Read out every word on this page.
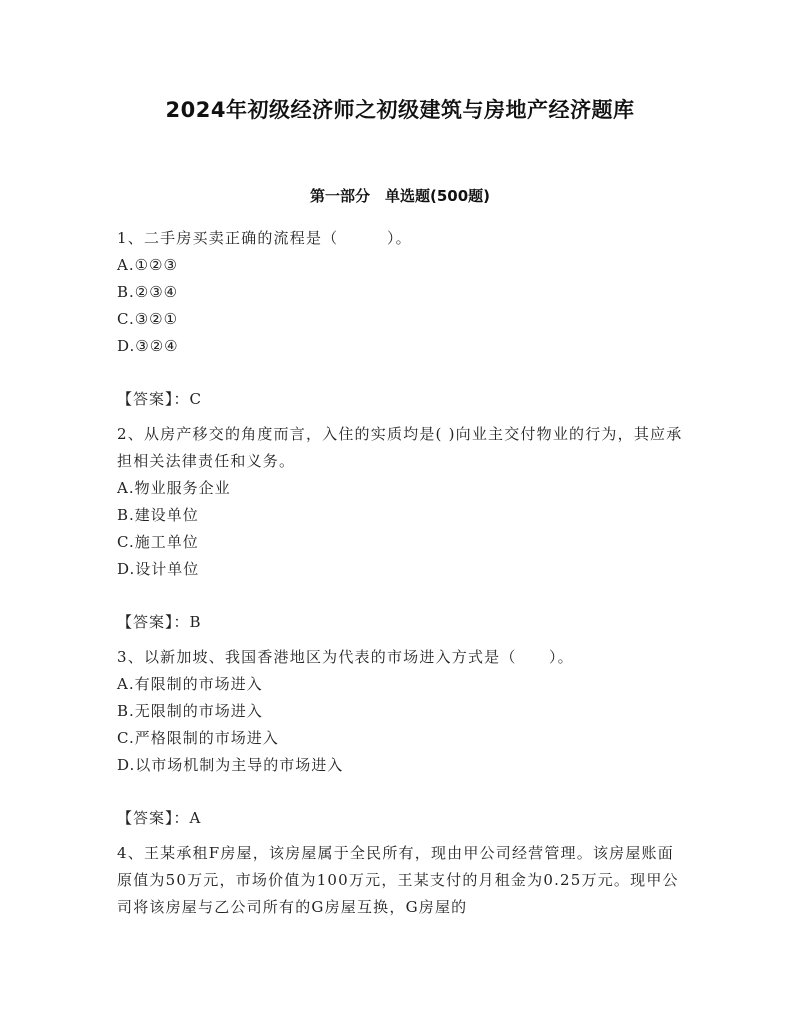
2024年初级经济师之初级建筑与房地产经济题库
第一部分　单选题(500题)
1、二手房买卖正确的流程是（　　　）。
A.①②③
B.②③④
C.③②①
D.③②④
【答案】：C
2、从房产移交的角度而言，入住的实质均是( )向业主交付物业的行为，其应承担相关法律责任和义务。
A.物业服务企业
B.建设单位
C.施工单位
D.设计单位
【答案】：B
3、以新加坡、我国香港地区为代表的市场进入方式是（　　）。
A.有限制的市场进入
B.无限制的市场进入
C.严格限制的市场进入
D.以市场机制为主导的市场进入
【答案】：A
4、王某承租F房屋，该房屋属于全民所有，现由甲公司经营管理。该房屋账面原值为50万元，市场价值为100万元，王某支付的月租金为0.25万元。现甲公司将该房屋与乙公司所有的G房屋互换，G房屋的
